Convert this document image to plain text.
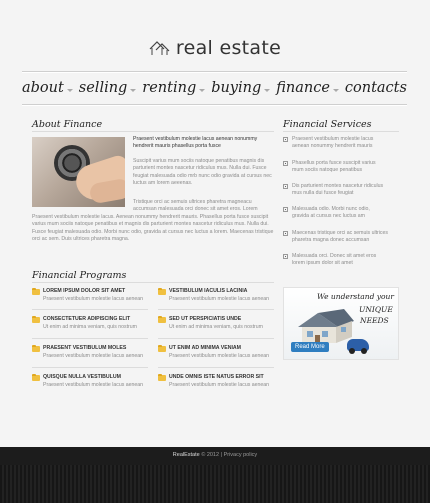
real estate
about selling renting buying finance contacts
About Finance
Praesent vestibulum molestie lacus aenean nonummy hendrerit mauris phasellus porta fusce
Suscipit varius mum sociis natoque penatibus magnis dis parturient montes nascetur ridiculus mus. Nulla dui. Fusce feugiat malesuada odio mrb nunc odio gravida at cursus nec luctus am lorem aeeenas.
Tristique orci ac semuis ultrices pharetra magneacu accumsan malesuada orci donec sit amet eros. Lorem
Praesent vestibulum molestie lacus. Aenean nonummy hendrerit mauris. Phasellus porta fusce suscipit varius mum sociis natoque penatibus et magnis dis parturient montes nascetur ridiculus mus. Nulla dui. Fusce feugiat malesuada odio. Morbi nunc odio, gravida at cursus nec luctus a lorem. Maecenas tristique orci ac sem. Duis ultrices pharetra magna.
Financial Services
Praesent vestibulum molestie lacus aenean nonummy hendrerit mauris
Phasellus porta fusce suscipit varius mum sociis natoque penatibus
Dis parturient montes nascetur ridiculus mus nulla dui fusce feugiat
Malesuada odio. Morbi nunc odio, gravida at cursus nec luctus am
Maecenas tristique orci ac semuis ultrices pharetra magna donec accumsan
Malesuada orci. Donec sit amet eros lorem ipsum dolor sit amet
Financial Programs
LOREM IPSUM DOLOR SIT AMET
Praesent vestibulum molestie lacus aenean
VESTIBULUM IACULIS LACINIA
Praesent vestibulum molestie lacus aenean
CONSECTETUER ADIPISCING ELIT
Ut enim ad minima veniam, quis nostrum
SED UT PERSPICIATIS UNDE
Ut enim ad minima veniam, quis nostrum
PRAESENT VESTIBULUM MOLES
Praesent vestibulum molestie lacus aenean
UT ENIM AD MINIMA VENIAM
Praesent vestibulum molestie lacus aenean
QUISQUE NULLA VESTIBULUM
Praesent vestibulum molestie lacus aenean
UNDE OMNIS ISTE NATUS ERROR SIT
Praesent vestibulum molestie lacus aenean
We understand your
UNIQUE
NEEDS
Read More
RealEstate © 2012 | Privacy policy
